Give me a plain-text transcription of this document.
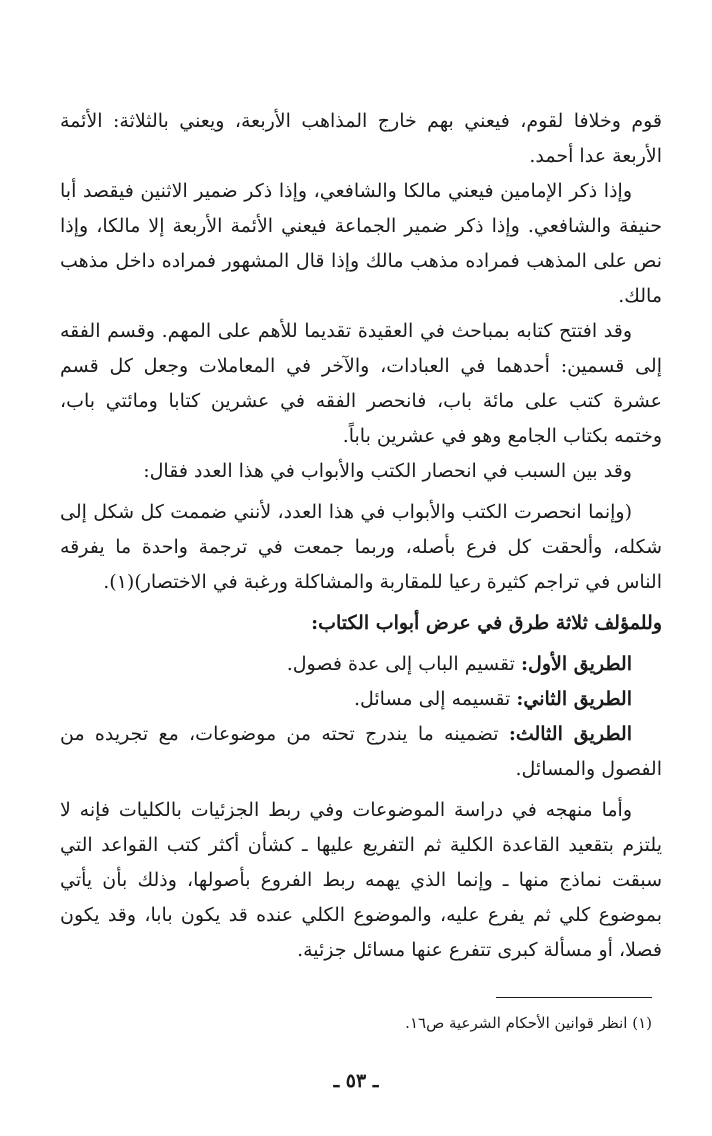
قوم وخلافا لقوم، فيعني بهم خارج المذاهب الأربعة، ويعني بالثلاثة: الأئمة الأربعة عدا أحمد.

وإذا ذكر الإمامين فيعني مالكا والشافعي، وإذا ذكر ضمير الاثنين فيقصد أبا حنيفة والشافعي. وإذا ذكر ضمير الجماعة فيعني الأئمة الأربعة إلا مالكا، وإذا نص على المذهب فمراده مذهب مالك وإذا قال المشهور فمراده داخل مذهب مالك.

وقد افتتح كتابه بمباحث في العقيدة تقديما للأهم على المهم. وقسم الفقه إلى قسمين: أحدهما في العبادات، والآخر في المعاملات وجعل كل قسم عشرة كتب على مائة باب، فانحصر الفقه في عشرين كتابا ومائتي باب، وختمه بكتاب الجامع وهو في عشرين باباً.

وقد بين السبب في انحصار الكتب والأبواب في هذا العدد فقال:

(وإنما انحصرت الكتب والأبواب في هذا العدد، لأنني ضممت كل شكل إلى شكله، وألحقت كل فرع بأصله، وربما جمعت في ترجمة واحدة ما يفرقه الناس في تراجم كثيرة رعيا للمقاربة والمشاكلة ورغبة في الاختصار)(١).

وللمؤلف ثلاثة طرق في عرض أبواب الكتاب:

الطريق الأول: تقسيم الباب إلى عدة فصول.

الطريق الثاني: تقسيمه إلى مسائل.

الطريق الثالث: تضمينه ما يندرج تحته من موضوعات، مع تجريده من الفصول والمسائل.

وأما منهجه في دراسة الموضوعات وفي ربط الجزئيات بالكليات فإنه لا يلتزم بتقعيد القاعدة الكلية ثم التفريع عليها ـ كشأن أكثر كتب القواعد التي سبقت نماذج منها ـ وإنما الذي يهمه ربط الفروع بأصولها، وذلك بأن يأتي بموضوع كلي ثم يفرع عليه، والموضوع الكلي عنده قد يكون بابا، وقد يكون فصلا، أو مسألة كبرى تتفرع عنها مسائل جزئية.

(١) انظر قوانين الأحكام الشرعية ص١٦.
ـ ٥٣ ـ
